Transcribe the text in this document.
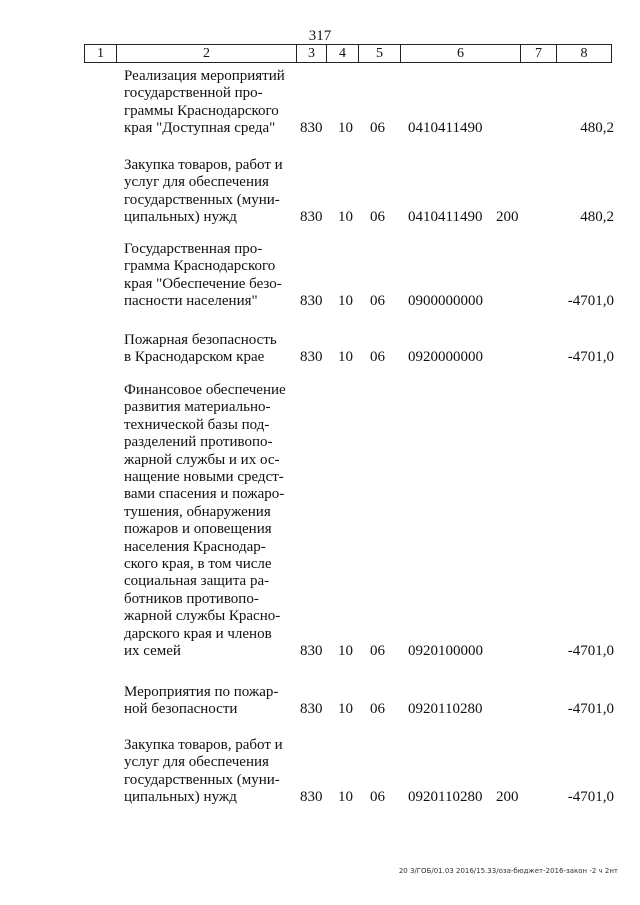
317
1	2	3	4	5	6	7	8
Реализация мероприятий
государственной про-
граммы Краснодарского
края "Доступная среда"	830 10 06 0410411490	480,2
Закупка товаров, работ и
услуг для обеспечения
государственных (муни-
ципальных) нужд	830 10 06 0410411490 200	480,2
Государственная про-
грамма Краснодарского
края "Обеспечение безо-
пасности населения"	830 10 06 0900000000	-4701,0
Пожарная безопасность
в Краснодарском крае	830 10 06 0920000000	-4701,0
Финансовое обеспечение
развития материально-
технической базы под-
разделений противопо-
жарной службы и их ос-
нащение новыми средст-
вами спасения и пожаро-
тушения, обнаружения
пожаров и оповещения
населения Краснодар-
ского края, в том числе
социальная защита ра-
ботников противопо-
жарной службы Красно-
дарского края и членов
их семей	830 10 06 0920100000	-4701,0
Мероприятия по пожар-
ной безопасности	830 10 06 0920110280	-4701,0
Закупка товаров, работ и
услуг для обеспечения
государственных (муни-
ципальных) нужд	830 10 06 0920110280 200	-4701,0
20 3/ГОБ/01.03 2016/15.33/оза-бюджет-2016-закон -2 ч 2нт
